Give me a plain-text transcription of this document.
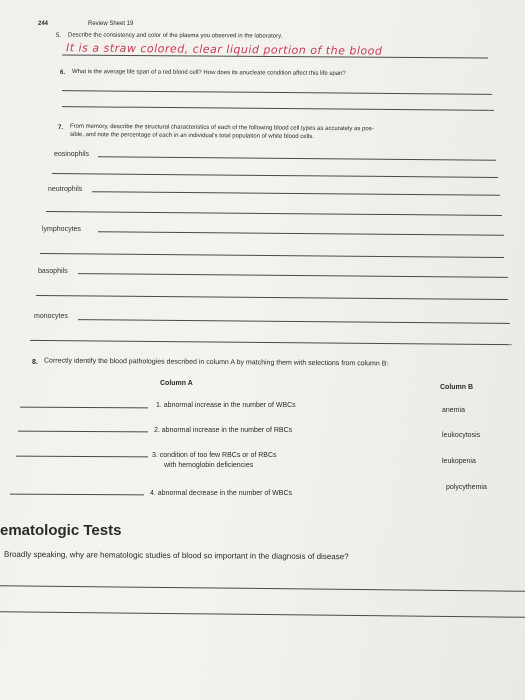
244	Review Sheet 19
5. Describe the consistency and color of the plasma you observed in the laboratory.
It is a straw colored, clear liquid portion of the blood
6. What is the average life span of a red blood cell? How does its anucleate condition affect this life span?
7. From memory, describe the structural characteristics of each of the following blood cell types as accurately as pos-
sible, and note the percentage of each in an individual's total population of white blood cells.
eosinophils
neutrophils
lymphocytes
basophils
monocytes
8. Correctly identify the blood pathologies described in column A by matching them with selections from column B:
Column A
Column B
1. abnormal increase in the number of WBCs
anemia
2. abnormal increase in the number of RBCs
leukocytosis
3. condition of too few RBCs or of RBCs
with hemoglobin deficiencies
leukopenia
polycythemia
4. abnormal decrease in the number of WBCs
ematologic Tests
Broadly speaking, why are hematologic studies of blood so important in the diagnosis of disease?
